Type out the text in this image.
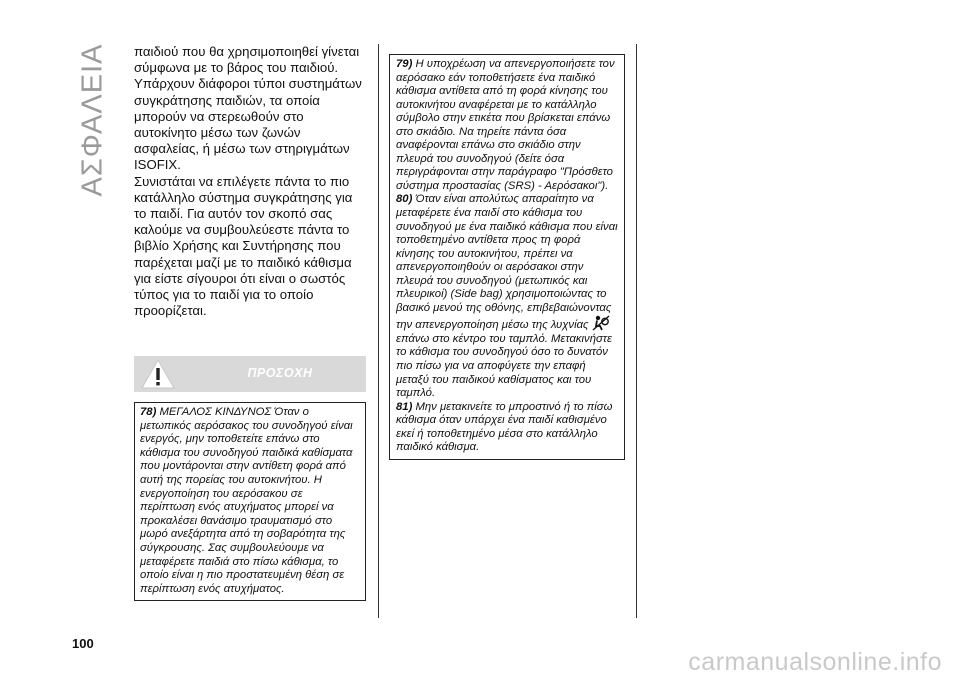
ΑΣΦΑΛΕΙΑ παιδιού που θα χρησιμοποιηθεί γίνεται σύμφωνα με το βάρος του παιδιού. Υπάρχουν διάφοροι τύποι συστημάτων συγκράτησης παιδιών, τα οποία μπορούν να στερεωθούν στο αυτοκίνητο μέσω των ζωνών ασφαλείας, ή μέσω των στηριγμάτων ISOFIX.

Συνιστάται να επιλέγετε πάντα το πιο κατάλληλο σύστημα συγκράτησης για το παιδί. Για αυτόν τον σκοπό σας καλούμε να συμβουλεύεστε πάντα το βιβλίο Χρήσης και Συντήρησης που παρέχεται μαζί με το παιδικό κάθισμα για είστε σίγουροι ότι είναι ο σωστός τύπος για το παιδί για το οποίο προορίζεται.

ΠΡΟΣΟΧΗ

78) ΜΕΓΑΛΟΣ ΚΙΝΔΥΝΟΣ Όταν ο μετωπικός αερόσακος του συνοδηγού είναι ενεργός, μην τοποθετείτε επάνω στο κάθισμα του συνοδηγού παιδικά καθίσματα που μοντάρονται στην αντίθετη φορά από αυτή της πορείας του αυτοκινήτου. Η ενεργοποίηση του αερόσακου σε περίπτωση ενός ατυχήματος μπορεί να προκαλέσει θανάσιμο τραυματισμό στο μωρό ανεξάρτητα από τη σοβαρότητα της σύγκρουσης. Σας συμβουλεύουμε να μεταφέρετε παιδιά στο πίσω κάθισμα, το οποίο είναι η πιο προστατευμένη θέση σε περίπτωση ενός ατυχήματος.

79) Η υποχρέωση να απενεργοποιήσετε τον αερόσακο εάν τοποθετήσετε ένα παιδικό κάθισμα αντίθετα από τη φορά κίνησης του αυτοκινήτου αναφέρεται με το κατάλληλο σύμβολο στην ετικέτα που βρίσκεται επάνω στο σκιάδιο. Να τηρείτε πάντα όσα αναφέρονται επάνω στο σκιάδιο στην πλευρά του συνοδηγού (δείτε όσα περιγράφονται στην παράγραφο "Πρόσθετο σύστημα προστασίας (SRS) - Αερόσακοι").

80) Όταν είναι απολύτως απαραίτητο να μεταφέρετε ένα παιδί στο κάθισμα του συνοδηγού με ένα παιδικό κάθισμα που είναι τοποθετημένο αντίθετα προς τη φορά κίνησης του αυτοκινήτου, πρέπει να απενεργοποιηθούν οι αερόσακοι στην πλευρά του συνοδηγού (μετωπικός και πλευρικοί) (Side bag) χρησιμοποιώντας το βασικό μενού της οθόνης, επιβεβαιώνοντας την απενεργοποίηση μέσω της λυχνίας  επάνω στο κέντρο του ταμπλό. Μετακινήστε το κάθισμα του συνοδηγού όσο το δυνατόν πιο πίσω για να αποφύγετε την επαφή μεταξύ του παιδικού καθίσματος και του ταμπλό.

81) Μην μετακινείτε το μπροστινό ή το πίσω κάθισμα όταν υπάρχει ένα παιδί καθισμένο εκεί ή τοποθετημένο μέσα στο κατάλληλο παιδικό κάθισμα.

100
carmanualsonline.info
